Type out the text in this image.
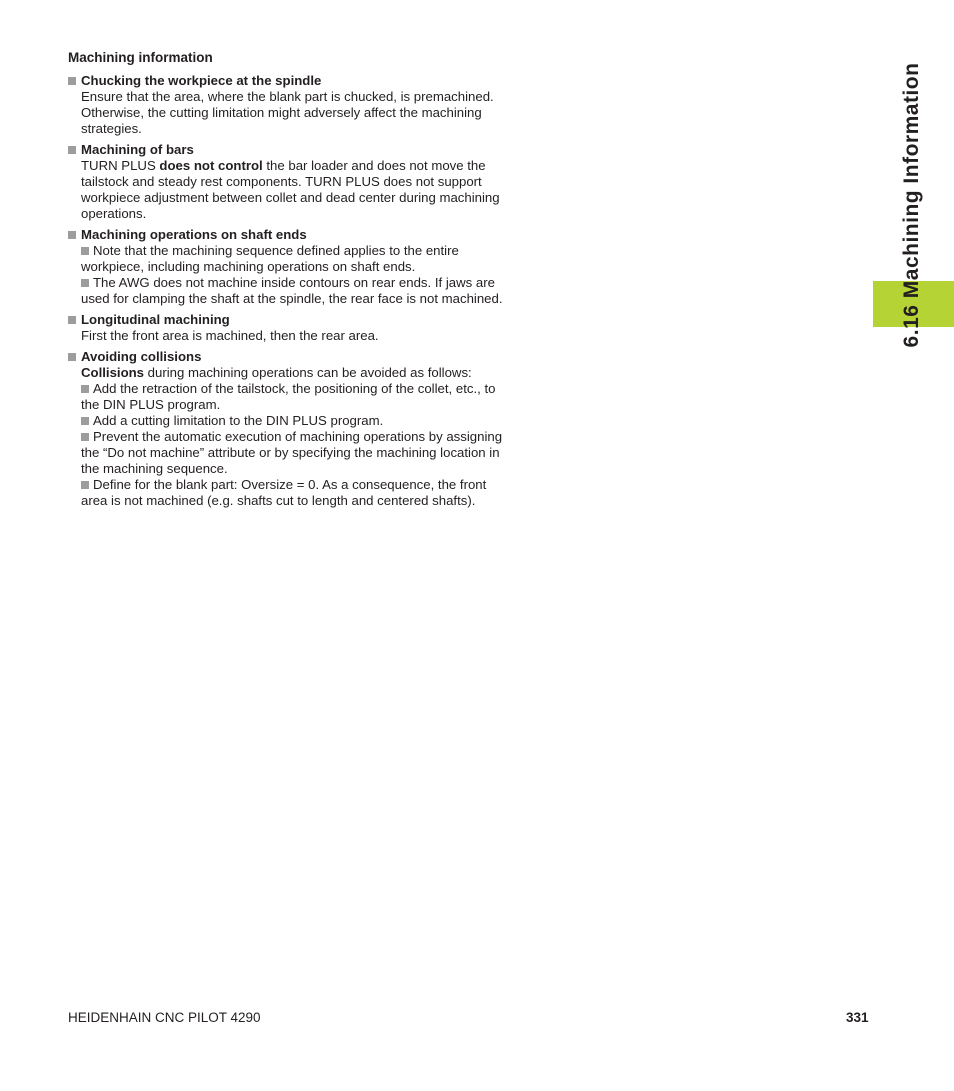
6.16 Machining Information
Machining information
Chucking the workpiece at the spindle

Ensure that the area, where the blank part is chucked, is premachined. Otherwise, the cutting limitation might adversely affect the machining strategies.

Machining of bars

TURN PLUS does not control the bar loader and does not move the tailstock and steady rest components. TURN PLUS does not support workpiece adjustment between collet and dead center during machining operations.

Machining operations on shaft ends

Note that the machining sequence defined applies to the entire workpiece, including machining operations on shaft ends.

The AWG does not machine inside contours on rear ends. If jaws are used for clamping the shaft at the spindle, the rear face is not machined.

Longitudinal machining

First the front area is machined, then the rear area.

Avoiding collisions

Collisions during machining operations can be avoided as follows:

Add the retraction of the tailstock, the positioning of the collet, etc., to the DIN PLUS program.

Add a cutting limitation to the DIN PLUS program.

Prevent the automatic execution of machining operations by assigning the “Do not machine” attribute or by specifying the machining location in the machining sequence.

Define for the blank part: Oversize = 0. As a consequence, the front area is not machined (e.g. shafts cut to length and centered shafts).

HEIDENHAIN CNC PILOT 4290	331
